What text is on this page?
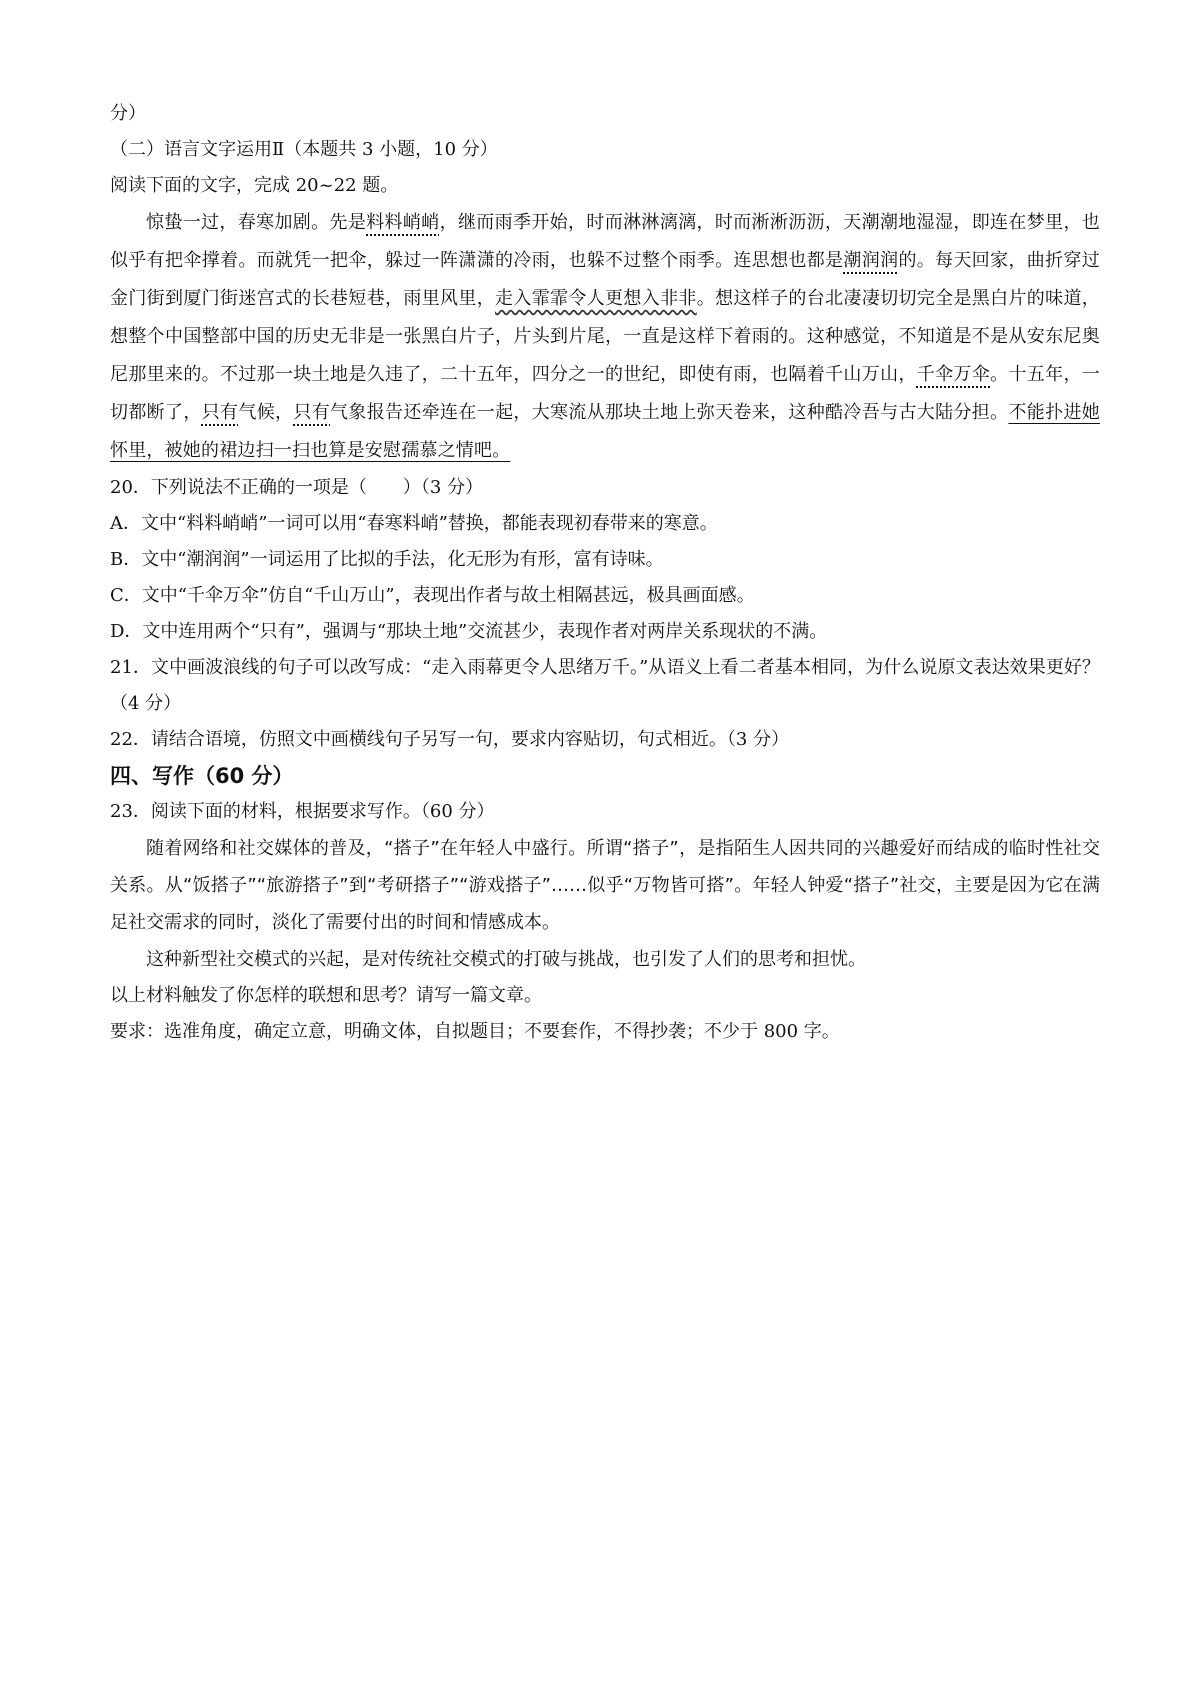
分）
（二）语言文字运用Ⅱ（本题共 3 小题，10 分）
阅读下面的文字，完成 20~22 题。
惊蛰一过，春寒加剧。先是料料峭峭，继而雨季开始，时而淋淋漓漓，时而淅淅沥沥，天潮潮地湿湿，即连在梦里，也似乎有把伞撑着。而就凭一把伞，躲过一阵潇潇的冷雨，也躲不过整个雨季。连思想也都是潮润润的。每天回家，曲折穿过金门街到厦门街迷宫式的长巷短巷，雨里风里，走入霏霏令人更想入非非。想这样子的台北凄凄切切完全是黑白片的味道，想整个中国整部中国的历史无非是一张黑白片子，片头到片尾，一直是这样下着雨的。这种感觉，不知道是不是从安东尼奥尼那里来的。不过那一块土地是久违了，二十五年，四分之一的世纪，即使有雨，也隔着千山万山，千伞万伞。十五年，一切都断了，只有气候，只有气象报告还牵连在一起，大寒流从那块土地上弥天卷来，这种酷冷吾与古大陆分担。不能扑进她怀里，被她的裙边扫一扫也算是安慰孺慕之情吧。
20．下列说法不正确的一项是（　　）（3 分）
A．文中“料料峭峭”一词可以用“春寒料峭”替换，都能表现初春带来的寒意。
B．文中“潮润润”一词运用了比拟的手法，化无形为有形，富有诗味。
C．文中“千伞万伞”仿自“千山万山”，表现出作者与故土相隔甚远，极具画面感。
D．文中连用两个“只有”，强调与“那块土地”交流甚少，表现作者对两岸关系现状的不满。
21．文中画波浪线的句子可以改写成：“走入雨幕更令人思绪万千。”从语义上看二者基本相同，为什么说原文表达效果更好？（4 分）
22．请结合语境，仿照文中画横线句子另写一句，要求内容贴切，句式相近。（3 分）
四、写作（60 分）
23．阅读下面的材料，根据要求写作。（60 分）
随着网络和社交媒体的普及，“搭子”在年轻人中盛行。所谓“搭子”，是指陌生人因共同的兴趣爱好而结成的临时性社交关系。从“饭搭子”“旅游搭子”到“考研搭子”“游戏搭子”……似乎“万物皆可搭”。年轻人钟爱“搭子”社交，主要是因为它在满足社交需求的同时，淡化了需要付出的时间和情感成本。
这种新型社交模式的兴起，是对传统社交模式的打破与挑战，也引发了人们的思考和担忧。
以上材料触发了你怎样的联想和思考？请写一篇文章。
要求：选准角度，确定立意，明确文体，自拟题目；不要套作，不得抄袭；不少于 800 字。
